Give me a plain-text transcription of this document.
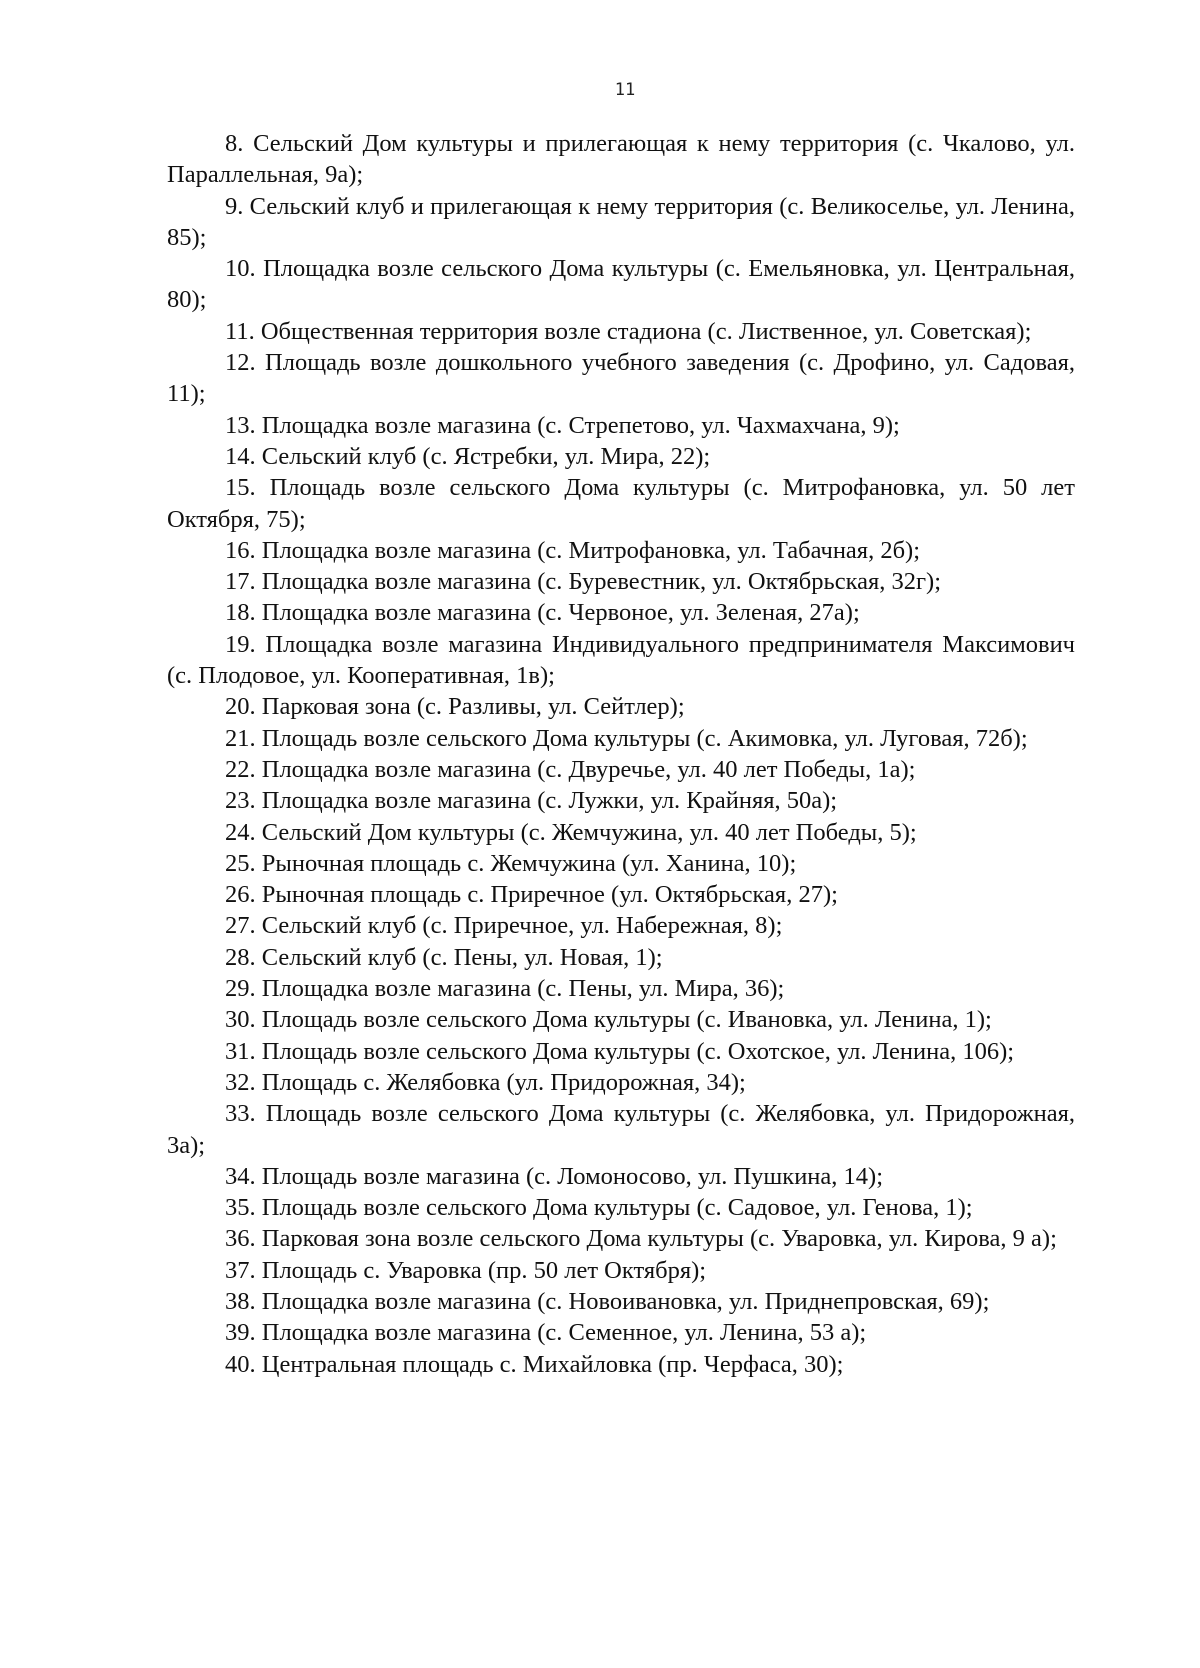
11

8. Сельский Дом культуры и прилегающая к нему территория (с. Чкалово, ул. Параллельная, 9а);

9. Сельский клуб и прилегающая к нему территория (с. Великоселье, ул. Ленина, 85);

10. Площадка возле сельского Дома культуры (с. Емельяновка, ул. Центральная, 80);

11. Общественная территория возле стадиона (с. Лиственное, ул. Советская);

12. Площадь возле дошкольного учебного заведения (с. Дрофино, ул. Садовая, 11);

13. Площадка возле магазина (с. Стрепетово, ул. Чахмахчана, 9);

14. Сельский клуб (с. Ястребки, ул. Мира, 22);

15. Площадь возле сельского Дома культуры (с. Митрофановка, ул. 50 лет Октября, 75);

16. Площадка возле магазина (с. Митрофановка, ул. Табачная, 2б);

17. Площадка возле магазина (с. Буревестник, ул. Октябрьская, 32г);

18. Площадка возле магазина (с. Червоное, ул. Зеленая, 27а);

19. Площадка возле магазина Индивидуального предпринимателя Максимович (с. Плодовое, ул. Кооперативная, 1в);

20. Парковая зона (с. Разливы, ул. Сейтлер);

21. Площадь возле сельского Дома культуры (с. Акимовка, ул. Луговая, 72б);

22. Площадка возле магазина (с. Двуречье, ул. 40 лет Победы, 1а);

23. Площадка возле магазина (с. Лужки, ул. Крайняя, 50а);

24. Сельский Дом культуры (с. Жемчужина, ул. 40 лет Победы, 5);

25. Рыночная площадь с. Жемчужина (ул. Ханина, 10);

26. Рыночная площадь с. Приречное (ул. Октябрьская, 27);

27. Сельский клуб (с. Приречное, ул. Набережная, 8);

28. Сельский клуб (с. Пены, ул. Новая, 1);

29. Площадка возле магазина (с. Пены, ул. Мира, 36);

30. Площадь возле сельского Дома культуры (с. Ивановка, ул. Ленина, 1);

31. Площадь возле сельского Дома культуры (с. Охотское, ул. Ленина, 106);

32. Площадь с. Желябовка (ул. Придорожная, 34);

33. Площадь возле сельского Дома культуры (с. Желябовка, ул. Придорожная, 3а);

34. Площадь возле магазина (с. Ломоносово, ул. Пушкина, 14);

35. Площадь возле сельского Дома культуры (с. Садовое, ул. Генова, 1);

36. Парковая зона возле сельского Дома культуры (с. Уваровка, ул. Кирова, 9 а);

37. Площадь с. Уваровка (пр. 50 лет Октября);

38. Площадка возле магазина (с. Новоивановка, ул. Приднепровская, 69);

39. Площадка возле магазина (с. Семенное, ул. Ленина, 53 а);

40. Центральная площадь с. Михайловка (пр. Черфаса, 30);
